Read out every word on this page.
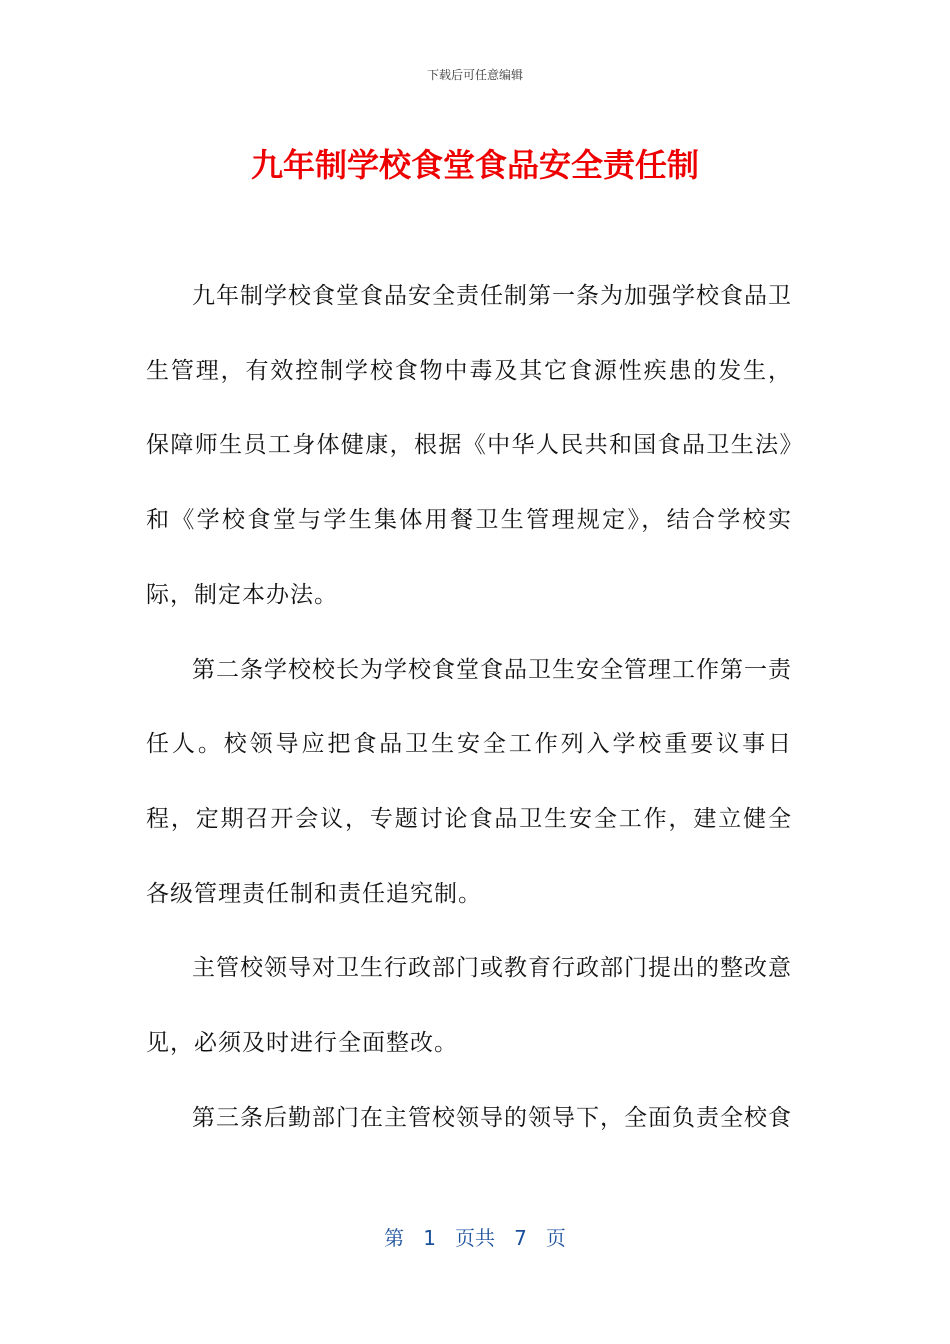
下载后可任意编辑
九年制学校食堂食品安全责任制

九年制学校食堂食品安全责任制第一条为加强学校食品卫生管理，有效控制学校食物中毒及其它食源性疾患的发生，保障师生员工身体健康，根据《中华人民共和国食品卫生法》和《学校食堂与学生集体用餐卫生管理规定》，结合学校实际，制定本办法。

第二条学校校长为学校食堂食品卫生安全管理工作第一责任人。校领导应把食品卫生安全工作列入学校重要议事日程，定期召开会议，专题讨论食品卫生安全工作，建立健全各级管理责任制和责任追究制。

主管校领导对卫生行政部门或教育行政部门提出的整改意见，必须及时进行全面整改。

第三条后勤部门在主管校领导的领导下，全面负责全校食

第 1 页共 7 页
